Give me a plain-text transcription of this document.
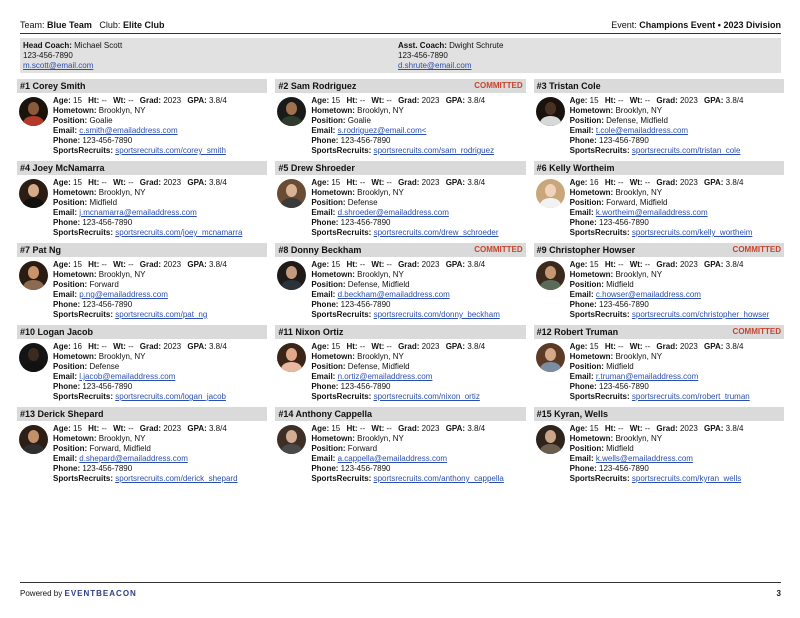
Team: Blue Team Club: Elite Club	Event: Champions Event • 2023 Division
Head Coach: Michael Scott
123-456-7890
m.scott@email.com
Asst. Coach: Dwight Schrute
123-456-7890
d.shrute@email.com
#1 Corey Smith
Age: 15 Ht: -- Wt: -- Grad: 2023 GPA: 3.8/4
Hometown: Brooklyn, NY
Position: Goalie
Email: c.smith@emailaddress.com
Phone: 123-456-7890
SportsRecruits: sportsrecruits.com/corey_smith
#2 Sam Rodriguez	COMMITTED
Age: 15 Ht: -- Wt: -- Grad: 2023 GPA: 3.8/4
Hometown: Brooklyn, NY
Position: Goalie
Email: s.rodriguez@email.com<
Phone: 123-456-7890
SportsRecruits: sportsrecruits.com/sam_rodriguez
#3 Tristan Cole
Age: 15 Ht: -- Wt: -- Grad: 2023 GPA: 3.8/4
Hometown: Brooklyn, NY
Position: Defense, Midfield
Email: t.cole@emailaddress.com
Phone: 123-456-7890
SportsRecruits: sportsrecruits.com/tristan_cole
#4 Joey McNamarra
Age: 15 Ht: -- Wt: -- Grad: 2023 GPA: 3.8/4
Hometown: Brooklyn, NY
Position: Midfield
Email: j.mcnamarra@emailaddress.com
Phone: 123-456-7890
SportsRecruits: sportsrecruits.com/joey_mcnamarra
#5 Drew Shroeder
Age: 15 Ht: -- Wt: -- Grad: 2023 GPA: 3.8/4
Hometown: Brooklyn, NY
Position: Defense
Email: d.shroeder@emailaddress.com
Phone: 123-456-7890
SportsRecruits: sportsrecruits.com/drew_schroeder
#6 Kelly Wortheim
Age: 16 Ht: -- Wt: -- Grad: 2023 GPA: 3.8/4
Hometown: Brooklyn, NY
Position: Forward, Midfield
Email: k.wortheim@emailaddress.com
Phone: 123-456-7890
SportsRecruits: sportsrecruits.com/kelly_wortheim
#7 Pat Ng
Age: 15 Ht: -- Wt: -- Grad: 2023 GPA: 3.8/4
Hometown: Brooklyn, NY
Position: Forward
Email: p.ng@emailaddress.com
Phone: 123-456-7890
SportsRecruits: sportsrecruits.com/pat_ng
#8 Donny Beckham	COMMITTED
Age: 15 Ht: -- Wt: -- Grad: 2023 GPA: 3.8/4
Hometown: Brooklyn, NY
Position: Defense, Midfield
Email: d.beckham@emailaddress.com
Phone: 123-456-7890
SportsRecruits: sportsrecruits.com/donny_beckham
#9 Christopher Howser	COMMITTED
Age: 15 Ht: -- Wt: -- Grad: 2023 GPA: 3.8/4
Hometown: Brooklyn, NY
Position: Midfield
Email: c.howser@emailaddress.com
Phone: 123-456-7890
SportsRecruits: sportsrecruits.com/christopher_howser
#10 Logan Jacob
Age: 16 Ht: -- Wt: -- Grad: 2023 GPA: 3.8/4
Hometown: Brooklyn, NY
Position: Defense
Email: l.jacob@emailaddress.com
Phone: 123-456-7890
SportsRecruits: sportsrecruits.com/logan_jacob
#11 Nixon Ortiz
Age: 15 Ht: -- Wt: -- Grad: 2023 GPA: 3.8/4
Hometown: Brooklyn, NY
Position: Defense, Midfield
Email: n.ortiz@emailaddress.com
Phone: 123-456-7890
SportsRecruits: sportsrecruits.com/nixon_ortiz
#12 Robert Truman	COMMITTED
Age: 15 Ht: -- Wt: -- Grad: 2023 GPA: 3.8/4
Hometown: Brooklyn, NY
Position: Midfield
Email: r.truman@emailaddress.com
Phone: 123-456-7890
SportsRecruits: sportsrecruits.com/robert_truman
#13 Derick Shepard
Age: 15 Ht: -- Wt: -- Grad: 2023 GPA: 3.8/4
Hometown: Brooklyn, NY
Position: Forward, Midfield
Email: d.shepard@emailaddress.com
Phone: 123-456-7890
SportsRecruits: sportsrecruits.com/derick_shepard
#14 Anthony Cappella
Age: 15 Ht: -- Wt: -- Grad: 2023 GPA: 3.8/4
Hometown: Brooklyn, NY
Position: Forward
Email: a.cappella@emailaddress.com
Phone: 123-456-7890
SportsRecruits: sportsrecruits.com/anthony_cappella
#15 Kyran, Wells
Age: 15 Ht: -- Wt: -- Grad: 2023 GPA: 3.8/4
Hometown: Brooklyn, NY
Position: Midfield
Email: k.wells@emailaddress.com
Phone: 123-456-7890
SportsRecruits: sportsrecruits.com/kyran_wells
Powered by EVENTBEACON	3
